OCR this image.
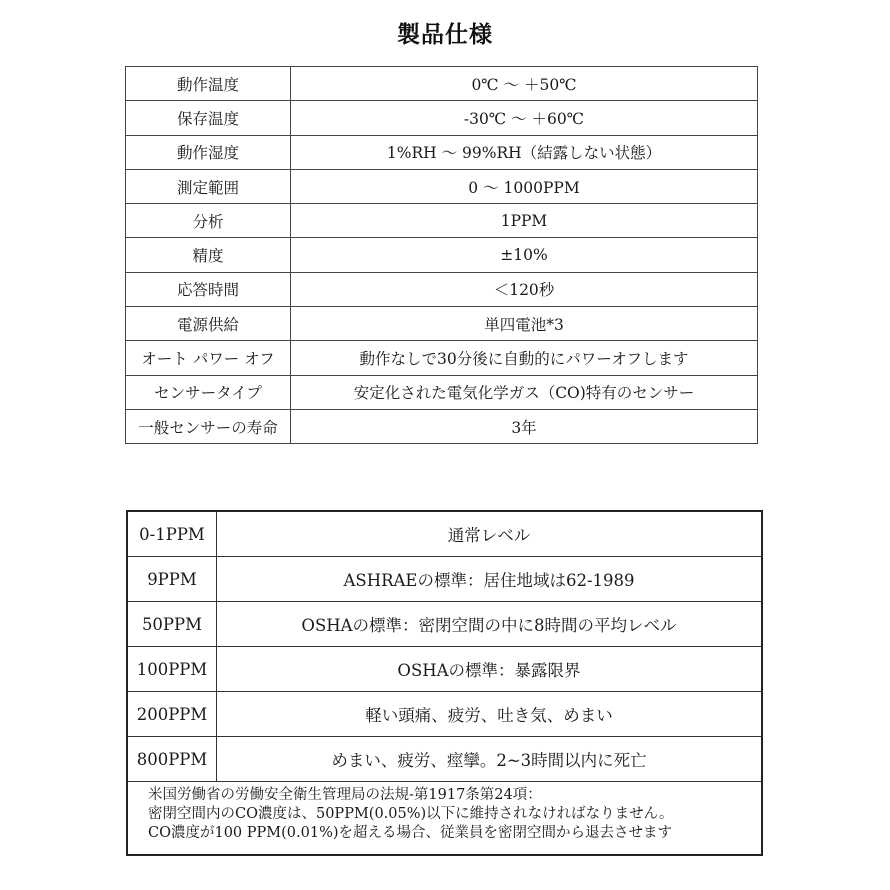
製品仕様
動作温度	0℃ ～ ＋50℃
保存温度	-30℃ ～ ＋60℃
動作湿度	1%RH ～ 99%RH（結露しない状態）
測定範囲	0 ～ 1000PPM
分析	1PPM
精度	±10%
応答時間	＜120秒
電源供給	単四電池*3
オート パワー オフ	動作なしで30分後に自動的にパワーオフします
センサータイプ	安定化された電気化学ガス（CO)特有のセンサー
一般センサーの寿命	3年
0-1PPM	通常レベル
9PPM	ASHRAEの標準：居住地域は62-1989
50PPM	OSHAの標準：密閉空間の中に8時間の平均レベル
100PPM	OSHAの標準：暴露限界
200PPM	軽い頭痛、疲労、吐き気、めまい
800PPM	めまい、疲労、痙攣。2~3時間以内に死亡

米国労働省の労働安全衛生管理局の法規-第1917条第24項：
密閉空間内のCO濃度は、50PPM(0.05%)以下に維持されなければなりません。
CO濃度が100 PPM(0.01%)を超える場合、従業員を密閉空間から退去させます	
